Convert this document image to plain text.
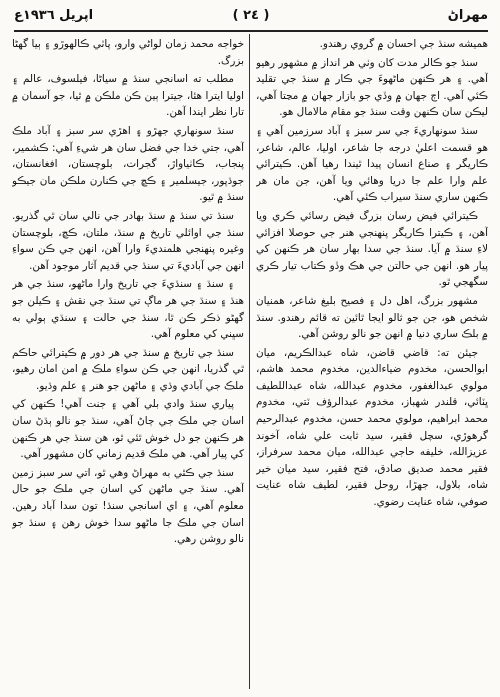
مهراڻ
( ٢٤ )
اپريل ١٩٣٦ع

هميشه سنڌ جي احسان ۾ گروي رهندو.

سنڌ جو ڪالر مدت کان وٺي هر انداز ۾ مشهور رهيو آهي. ۽ هر ڪنهن ماڻهوءَ جي ڪار ۾ سنڌ جي تقليد ڪئي آهي. اڄ جهان ۾ وڏي جو بازار جهان ۾ مڃتا آهي، ليڪن سان ڪنهن وقت سنڌ جو مقام مالامال هو.

سنڌ سونهاريءَ جي سر سبز ۽ آباد سرزمين آهي ۽ هو قسمت اعليٰ درجه جا شاعر، اوليا، عالم، شاعر، ڪاريگر ۽ صناع انسان پيدا ٿيندا رهيا آهن. ڪيترائي علم وارا علم جا دريا وهائي ويا آهن، جن مان هر ڪنهن ساري سنڌ سيراب ڪئي آهي.

ڪيترائي فيض رسان بزرگ فيض رسائي ڪري ويا آهن، ۽ ڪيترا ڪاريگر پنهنجي هنر جي حوصلا افزائي لاءِ سنڌ ۾ آيا. سنڌ جي سدا بهار سان هر ڪنهن کي پيار هو. انهن جي حالتن جي هڪ وڏو ڪتاب تيار ڪري سگهجي ٿو.

مشهور بزرگ، اهل دل ۽ فصيح بليغ شاعر، همنيان شخص هو، جن جو ثالو ايجا ٿائين ته قائم رهندو. سنڌ ۾ بلڪ ساري دنيا ۾ انهن جو نالو روشن آهي.

جيئن ته: قاضي قاضن، شاه عبدالڪريم، ميان ابوالحسن، مخدوم ضياءالدين، مخدوم محمد هاشم، مولوي عبدالغفور، مخدوم عبدالله، شاه عبداللطيف ڀٽائي، قلندر شهباز، مخدوم عبدالرؤف ٽتي، مخدوم محمد ابراهيم، مولوي محمد حسن، مخدوم عبدالرحيم گرهوڙي، سچل فقير، سيد ثابت علي شاه، آخوند عزيزالله، خليفه حاجي عبدالله، ميان محمد سرفراز، فقير محمد صديق صادق، فتح فقير، سيد ميان خير شاه، بلاول، جهڙا، روحل فقير، لطيف شاه عنايت صوفي، شاه عنايت رضوي.

خواجه محمد زمان لواڻي وارو، پاٽي ڪالهوڙو ۽ ٻيا گهڻا بزرگ.

مطلب ته اسانجي سنڌ ۾ سياڻا، فيلسوف، عالم ۽ اوليا ايترا هئا، جيترا ٻين ڪن ملڪن ۾ ٿيا، جو آسمان ۾ تارا نظر ايندا آهن.

سنڌ سونهاري جهڙو ۽ اهڙي سر سبز ۽ آباد ملڪ آهي، جتي خدا جي فضل سان هر شيءِ آهي: ڪشمير، پنجاب، ڪاٺياواڙ، گجرات، بلوچستان، افغانستان، جوڌپور، جيسلمير ۽ ڪڇ جي ڪنارن ملڪن مان جيڪو سنڌ ۾ ٿيو.

سنڌ تي سنڌ ۾ سنڌ بهادر جي نالي سان ٿي گذريو. سنڌ جي اوائلي تاريخ ۾ سنڌ، ملتان، ڪڇ، بلوچستان وغيره پنهنجي هلمنديءَ وارا آهن، انهن جي ڪن سواءِ انهن جي آباديءَ تي سنڌ جي قديم آثار موجود آهن.

۽ سنڌ ۽ سنڌيءَ جي تاريخ وارا ماڻهو، سنڌ جي هر هنڌ ۽ سنڌ جي هر ماڳ تي سنڌ جي نقش ۽ ڪيلن جو گهڻو ذڪر ڪن ٿا، سنڌ جي حالت ۽ سنڌي ٻولي به سڀني کي معلوم آهي.

سنڌ جي تاريخ ۾ سنڌ جي هر دور ۾ ڪيترائي حاڪم ٿي گذريا، انهن جي ڪن سواءِ ملڪ ۾ امن امان رهيو، ملڪ جي آبادي وڌي ۽ ماڻهن جو هنر ۽ علم وڌيو.

پياري سنڌ وادي بلي آهي ۽ جنت آهي! ڪنهن کي اسان جي ملڪ جي ڄاڻ آهي، سنڌ جو نالو ٻڌڻ سان هر ڪنهن جو دل خوش ٿئي ٿو، هن سنڌ جي هر ڪنهن کي پيار آهي. هي ملڪ قديم زماني کان مشهور آهي.

سنڌ جي ڪٿي به مهراڻ وهي ٿو، اتي سر سبز زمين آهي. سنڌ جي ماڻهن کي اسان جي ملڪ جو حال معلوم آهي، ۽ اي اسانجي سنڌ! تون سدا آباد رهين. اسان جي ملڪ جا ماڻهو سدا خوش رهن ۽ سنڌ جو نالو روشن رهي.
